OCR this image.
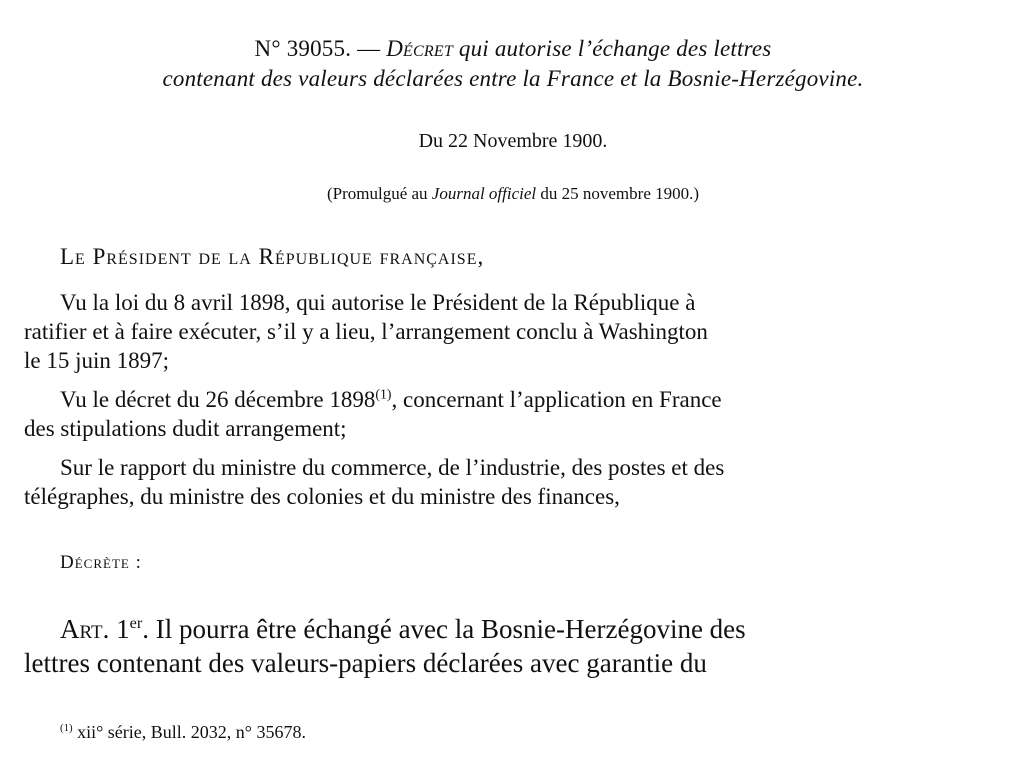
N° 39055. — Décret qui autorise l’échange des lettres
contenant des valeurs déclarées entre la France et la Bosnie-Herzégovine.
Du 22 Novembre 1900.
(Promulgué au Journal officiel du 25 novembre 1900.)
Le Président de la République française,
Vu la loi du 8 avril 1898, qui autorise le Président de la République à
ratifier et à faire exécuter, s’il y a lieu, l’arrangement conclu à Washington
le 15 juin 1897;
Vu le décret du 26 décembre 1898$^{(1)}$, concernant l’application en France
des stipulations dudit arrangement;
Sur le rapport du ministre du commerce, de l’industrie, des postes et des
télégraphes, du ministre des colonies et du ministre des finances,
Décrète :
Art. 1er. Il pourra être échangé avec la Bosnie-Herzégovine des
lettres contenant des valeurs-papiers déclarées avec garantie du
$^{(1)}$ xii° série, Bull. 2032, n° 35678.
